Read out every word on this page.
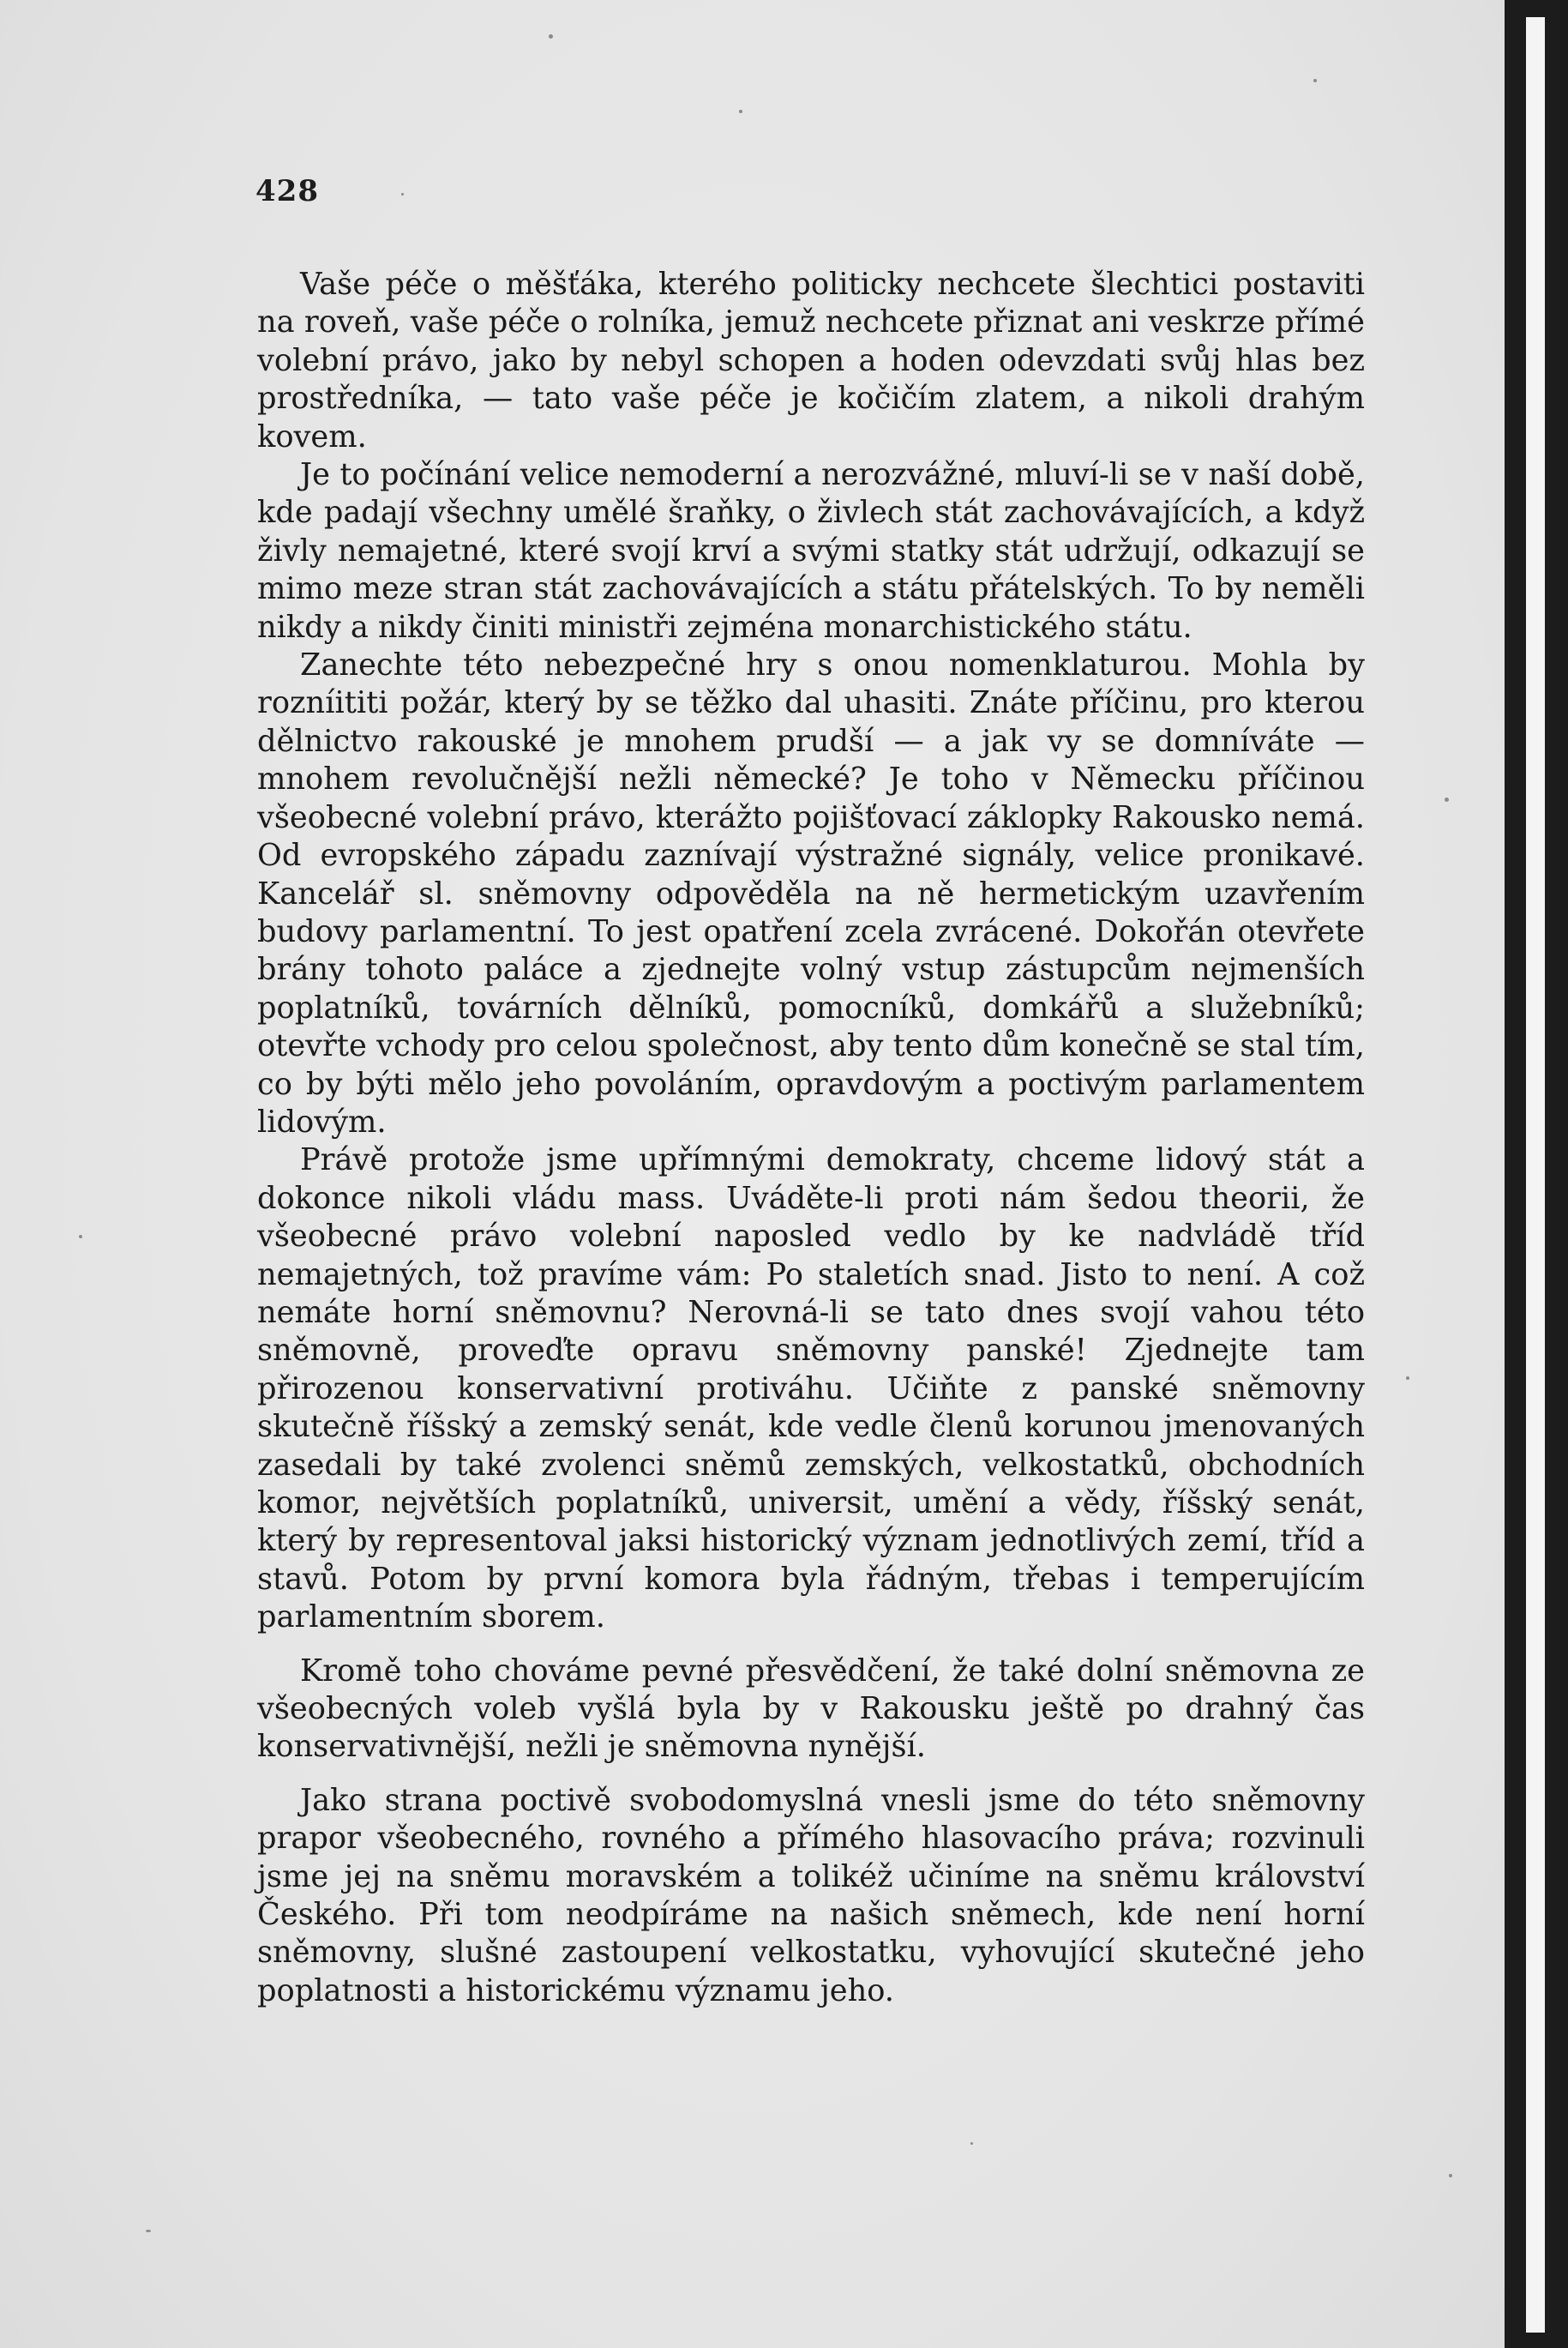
428

Vaše péče o měšťáka, kterého politicky nechcete šlechtici postaviti na roveň, vaše péče o rolníka, jemuž nechcete přiznat ani veskrze přímé volební právo, jako by nebyl schopen a hoden odevzdati svůj hlas bez prostředníka, — tato vaše péče je kočičím zlatem, a nikoli drahým kovem.

Je to počínání velice nemoderní a nerozvážné, mluví-li se v naší době, kde padají všechny umělé šraňky, o živlech stát zachovávajících, a když živly nemajetné, které svojí krví a svými statky stát udržují, odkazují se mimo meze stran stát zachovávajících a státu přátelských. To by neměli nikdy a nikdy činiti ministři zejména monarchistického státu.

Zanechte této nebezpečné hry s onou nomenklaturou. Mohla by rozníititi požár, který by se těžko dal uhasiti. Znáte příčinu, pro kterou dělnictvo rakouské je mnohem prudší — a jak vy se domníváte — mnohem revolučnější nežli německé? Je toho v Německu příčinou všeobecné volební právo, kterážto pojišťovací záklopky Rakousko nemá. Od evropského západu zaznívají výstražné signály, velice pronikavé. Kancelář sl. sněmovny odpověděla na ně hermetickým uzavřením budovy parlamentní. To jest opatření zcela zvrácené. Dokořán otevřete brány tohoto paláce a zjednejte volný vstup zástupcům nejmenších poplatníků, továrních dělníků, pomocníků, domkářů a služebníků; otevřte vchody pro celou společnost, aby tento dům konečně se stal tím, co by býti mělo jeho povoláním, opravdovým a poctivým parlamentem lidovým.

Právě protože jsme upřímnými demokraty, chceme lidový stát a dokonce nikoli vládu mass. Uváděte-li proti nám šedou theorii, že všeobecné právo volební naposled vedlo by ke nadvládě tříd nemajetných, tož pravíme vám: Po staletích snad. Jisto to není. A což nemáte horní sněmovnu? Nerovná-li se tato dnes svojí vahou této sněmovně, proveďte opravu sněmovny panské! Zjednejte tam přirozenou konservativní protiváhu. Učiňte z panské sněmovny skutečně říšský a zemský senát, kde vedle členů korunou jmenovaných zasedali by také zvolenci sněmů zemských, velkostatků, obchodních komor, největších poplatníků, universit, umění a vědy, říšský senát, který by representoval jaksi historický význam jednotlivých zemí, tříd a stavů. Potom by první komora byla řádným, třebas i temperujícím parlamentním sborem.

Kromě toho chováme pevné přesvědčení, že také dolní sněmovna ze všeobecných voleb vyšlá byla by v Rakousku ještě po drahný čas konservativnější, nežli je sněmovna nynější.

Jako strana poctivě svobodomyslná vnesli jsme do této sněmovny prapor všeobecného, rovného a přímého hlasovacího práva; rozvinuli jsme jej na sněmu moravském a tolikéž učiníme na sněmu království Českého. Při tom neodpíráme na našich sněmech, kde není horní sněmovny, slušné zastoupení velkostatku, vyhovující skutečné jeho poplatnosti a historickému významu jeho.
